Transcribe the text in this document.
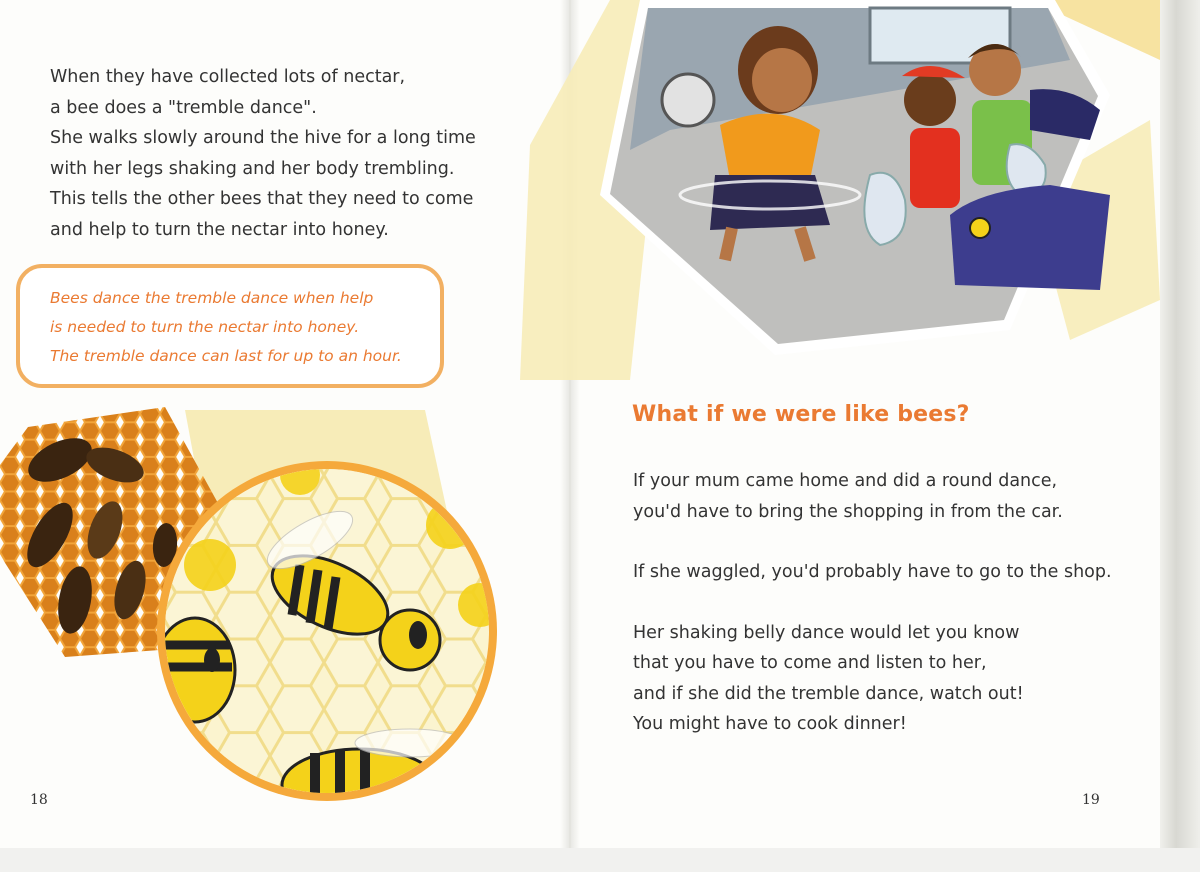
When they have collected lots of nectar,

a bee does a "tremble dance".

She walks slowly around the hive for a long time

with her legs shaking and her body trembling.

This tells the other bees that they need to come

and help to turn the nectar into honey.

Bees dance the tremble dance when help

is needed to turn the nectar into honey.

The tremble dance can last for up to an hour.

18
What if we were like bees?

If your mum came home and did a round dance,

you'd have to bring the shopping in from the car.

If she waggled, you'd probably have to go to the shop.

Her shaking belly dance would let you know

that you have to come and listen to her,

and if she did the tremble dance, watch out!

You might have to cook dinner!

19
